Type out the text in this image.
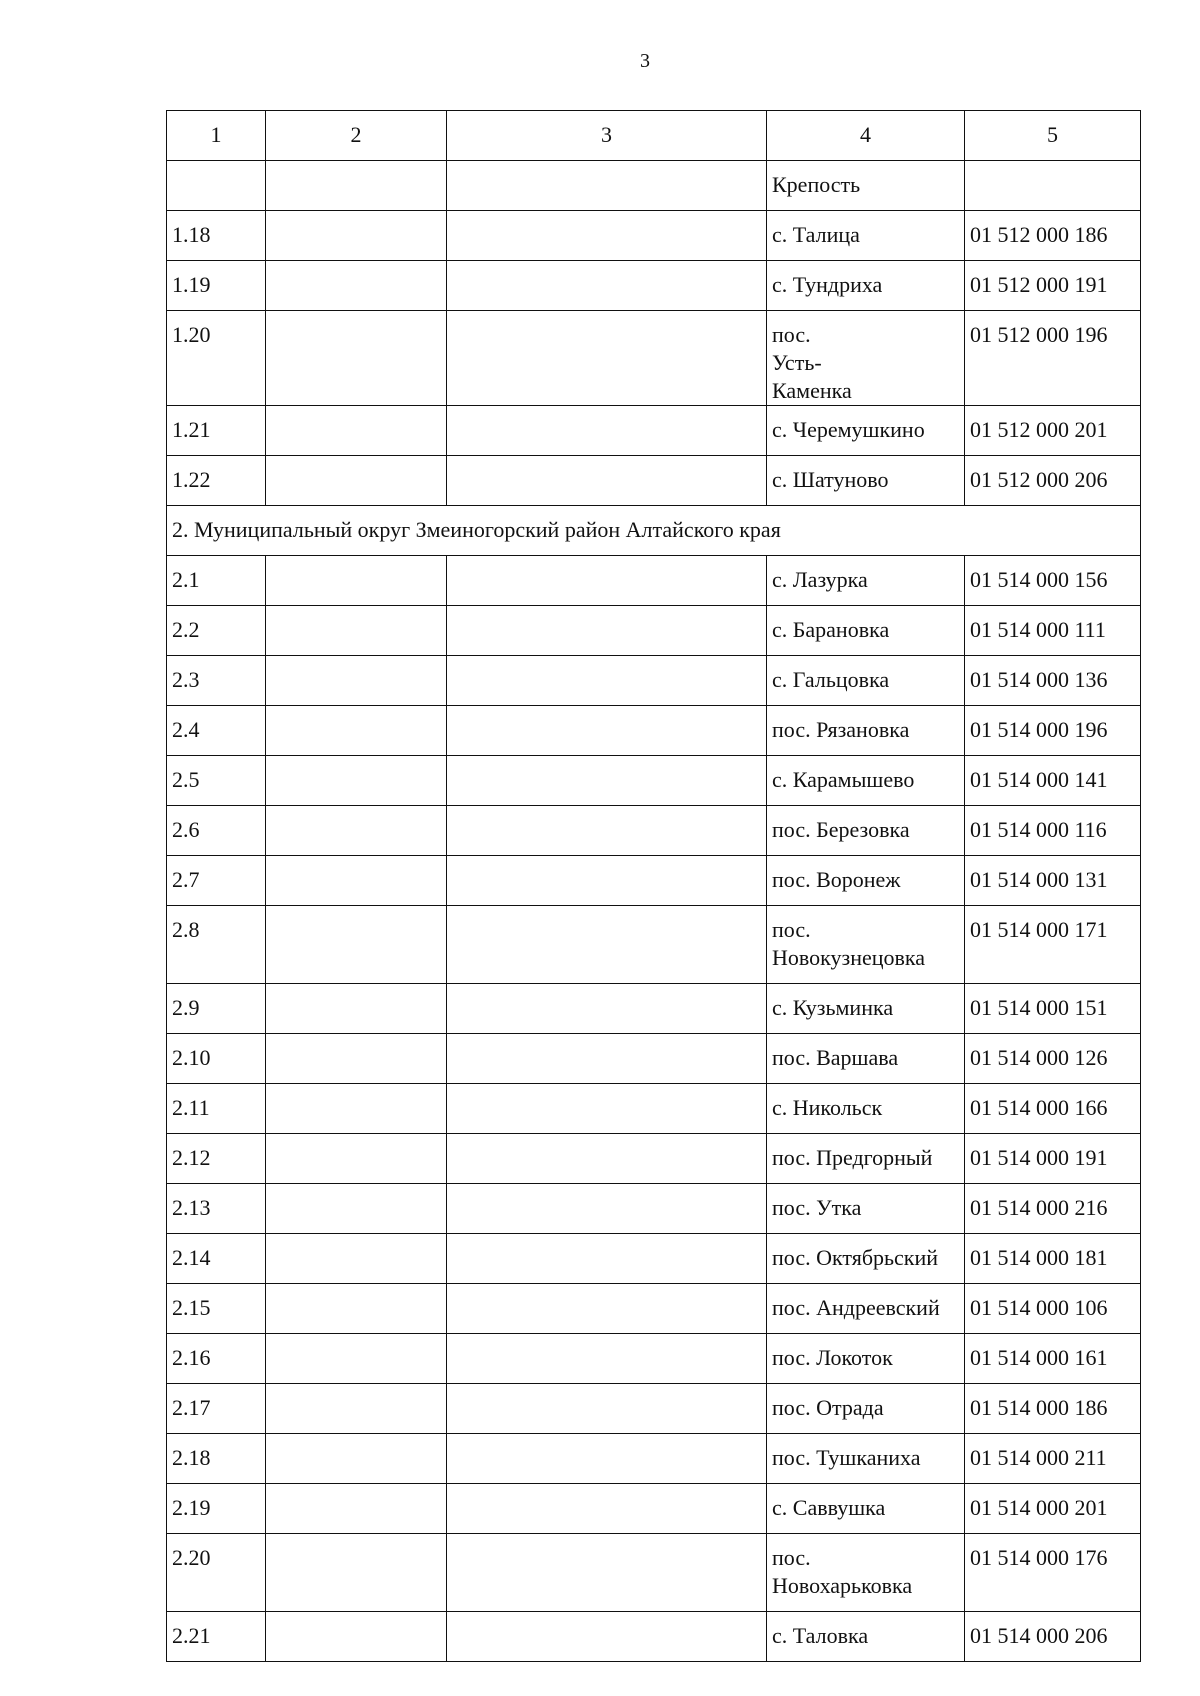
3
1	2	3	4	5
			Крепость	
1.18			с. Талица	01 512 000 186
1.19			с. Тундриха	01 512 000 191
1.20			пос.
Усть-
Каменка	01 512 000 196
1.21			с. Черемушкино	01 512 000 201
1.22			с. Шатуново	01 512 000 206
2. Муниципальный округ Змеиногорский район Алтайского края				
2.1			с. Лазурка	01 514 000 156
2.2			с. Барановка	01 514 000 111
2.3			с. Гальцовка	01 514 000 136
2.4			пос. Рязановка	01 514 000 196
2.5			с. Карамышево	01 514 000 141
2.6			пос. Березовка	01 514 000 116
2.7			пос. Воронеж	01 514 000 131
2.8			пос.
Новокузнецовка	01 514 000 171
2.9			с. Кузьминка	01 514 000 151
2.10			пос. Варшава	01 514 000 126
2.11			с. Никольск	01 514 000 166
2.12			пос. Предгорный	01 514 000 191
2.13			пос. Утка	01 514 000 216
2.14			пос. Октябрьский	01 514 000 181
2.15			пос. Андреевский	01 514 000 106
2.16			пос. Локоток	01 514 000 161
2.17			пос. Отрада	01 514 000 186
2.18			пос. Тушканиха	01 514 000 211
2.19			с. Саввушка	01 514 000 201
2.20			пос.
Новохарьковка	01 514 000 176
2.21			с. Таловка	01 514 000 206
